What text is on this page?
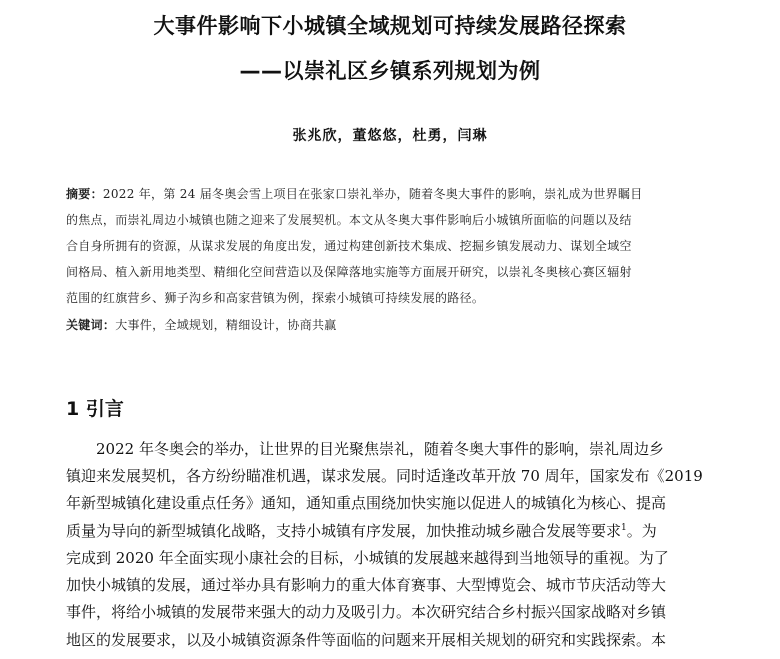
大事件影响下小城镇全域规划可持续发展路径探索
——以崇礼区乡镇系列规划为例
张兆欣，董悠悠，杜勇，闫琳
摘要：2022 年，第 24 届冬奥会雪上项目在张家口崇礼举办，随着冬奥大事件的影响，崇礼成为世界瞩目
的焦点，而崇礼周边小城镇也随之迎来了发展契机。本文从冬奥大事件影响后小城镇所面临的问题以及结
合自身所拥有的资源，从谋求发展的角度出发，通过构建创新技术集成、挖掘乡镇发展动力、谋划全域空
间格局、植入新用地类型、精细化空间营造以及保障落地实施等方面展开研究，以崇礼冬奥核心赛区辐射
范围的红旗营乡、狮子沟乡和高家营镇为例，探索小城镇可持续发展的路径。
关键词：大事件，全域规划，精细设计，协商共赢
1 引言
2022 年冬奥会的举办，让世界的目光聚焦崇礼，随着冬奥大事件的影响，崇礼周边乡
镇迎来发展契机，各方纷纷瞄准机遇，谋求发展。同时适逢改革开放 70 周年，国家发布《2019
年新型城镇化建设重点任务》通知，通知重点围绕加快实施以促进人的城镇化为核心、提高
质量为导向的新型城镇化战略，支持小城镇有序发展，加快推动城乡融合发展等要求$^1$。为
完成到 2020 年全面实现小康社会的目标，小城镇的发展越来越得到当地领导的重视。为了
加快小城镇的发展，通过举办具有影响力的重大体育赛事、大型博览会、城市节庆活动等大
事件，将给小城镇的发展带来强大的动力及吸引力。本次研究结合乡村振兴国家战略对乡镇
地区的发展要求，以及小城镇资源条件等面临的问题来开展相关规划的研究和实践探索。本
